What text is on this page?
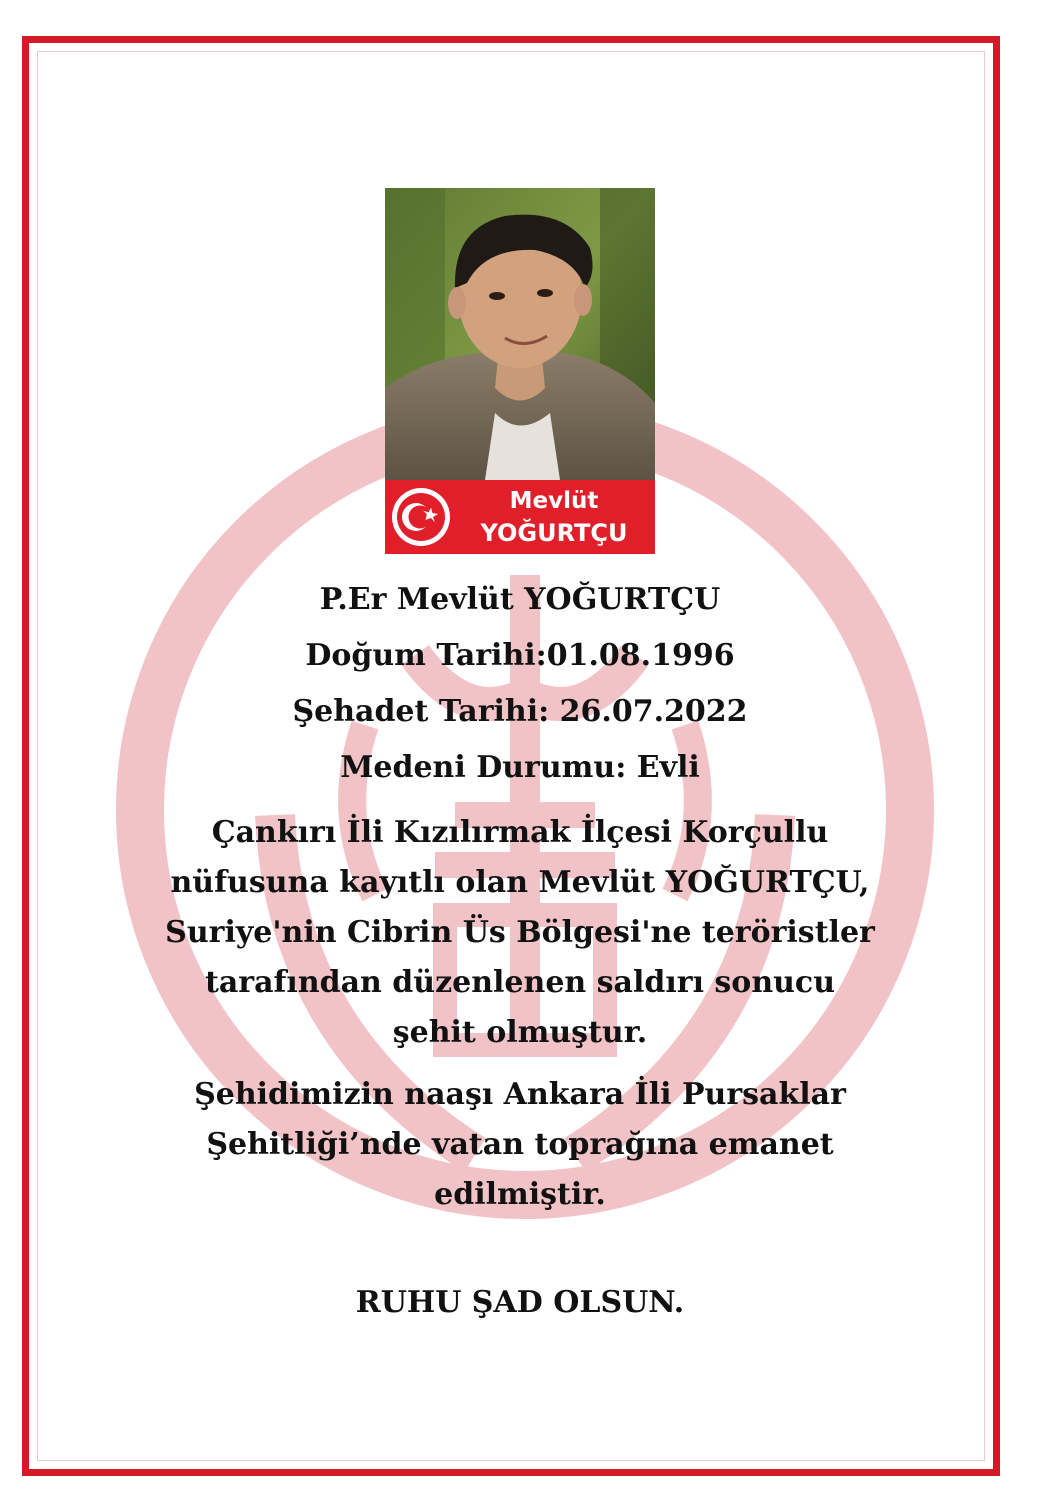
Mevlüt
YOĞURTÇU
P.Er Mevlüt YOĞURTÇU
Doğum Tarihi:01.08.1996
Şehadet Tarihi: 26.07.2022
Medeni Durumu: Evli
Çankırı İli Kızılırmak İlçesi Korçullu
nüfusuna kayıtlı olan Mevlüt YOĞURTÇU,
Suriye'nin Cibrin Üs Bölgesi'ne teröristler
tarafından düzenlenen saldırı sonucu
şehit olmuştur.
Şehidimizin naaşı Ankara İli Pursaklar
Şehitliği’nde vatan toprağına emanet
edilmiştir.
RUHU ŞAD OLSUN.
